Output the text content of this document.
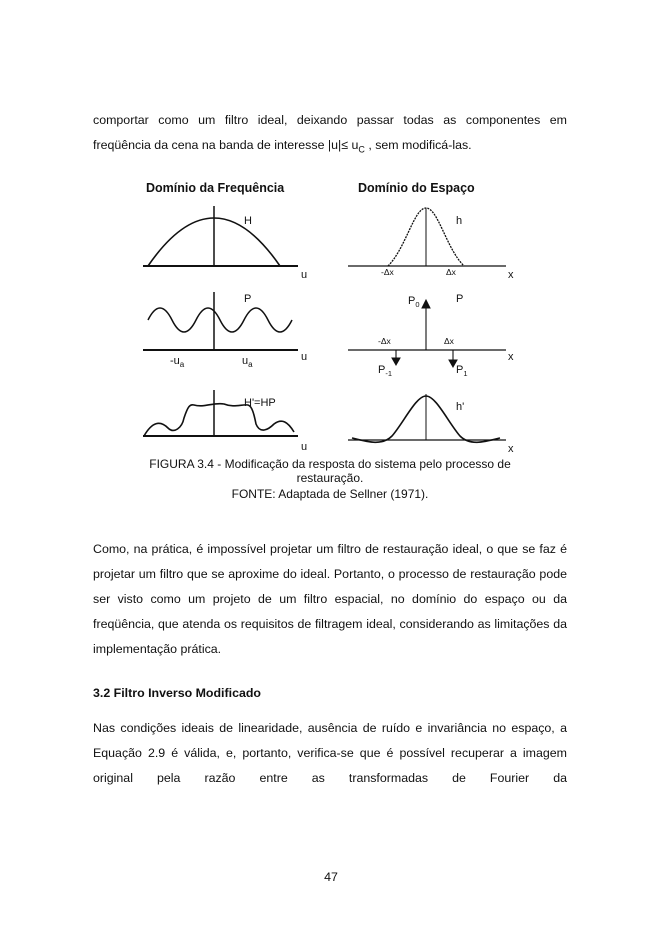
comportar como um filtro ideal, deixando passar todas as componentes em

freqüência da cena na banda de interesse $|u|\le u_C$ , sem modificá-las.

Domínio da Frequência	Domínio do Espaço
H
u
h
-Δx	Δx	x
P
$-u_a$	$u_a$
u
$P_0$	P
-Δx	Δx
$P_{-1}$	$P_1$
x
H'=HP
u
h'
x

FIGURA 3.4 - Modificação da resposta do sistema pelo processo de

restauração.

FONTE: Adaptada de Sellner (1971).

Como, na prática, é impossível projetar um filtro de restauração ideal, o que se faz é projetar um filtro que se aproxime do ideal. Portanto, o processo de restauração pode ser visto como um projeto de um filtro espacial, no domínio do espaço ou da freqüência, que atenda os requisitos de filtragem ideal, considerando as limitações da implementação prática.

3.2 Filtro Inverso Modificado

Nas condições ideais de linearidade, ausência de ruído e invariância no espaço, a Equação 2.9 é válida, e, portanto, verifica-se que é possível recuperar a imagem original pela razão entre as transformadas de Fourier da

47
